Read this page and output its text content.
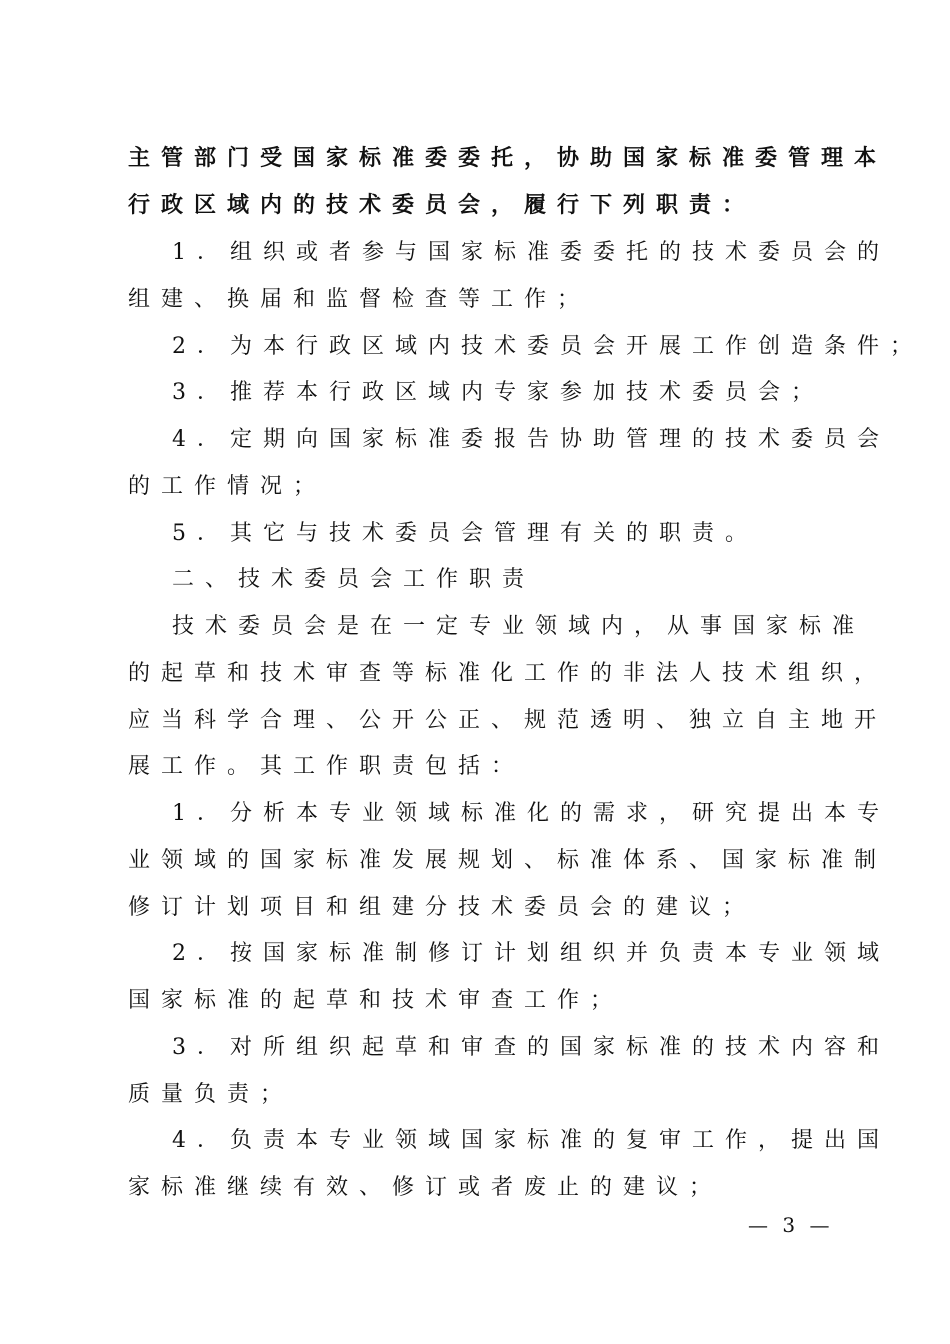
主管部门受国家标准委委托，协助国家标准委管理本
行政区域内的技术委员会，履行下列职责：
1．组织或者参与国家标准委委托的技术委员会的
组建、换届和监督检查等工作；
2．为本行政区域内技术委员会开展工作创造条件；
3．推荐本行政区域内专家参加技术委员会；
4．定期向国家标准委报告协助管理的技术委员会
的工作情况；
5．其它与技术委员会管理有关的职责。
二、技术委员会工作职责
技术委员会是在一定专业领域内，从事国家标准
的起草和技术审查等标准化工作的非法人技术组织，
应当科学合理、公开公正、规范透明、独立自主地开
展工作。其工作职责包括：
1．分析本专业领域标准化的需求，研究提出本专
业领域的国家标准发展规划、标准体系、国家标准制
修订计划项目和组建分技术委员会的建议；
2．按国家标准制修订计划组织并负责本专业领域
国家标准的起草和技术审查工作；
3．对所组织起草和审查的国家标准的技术内容和
质量负责；
4．负责本专业领域国家标准的复审工作，提出国
家标准继续有效、修订或者废止的建议；
— 3 —
